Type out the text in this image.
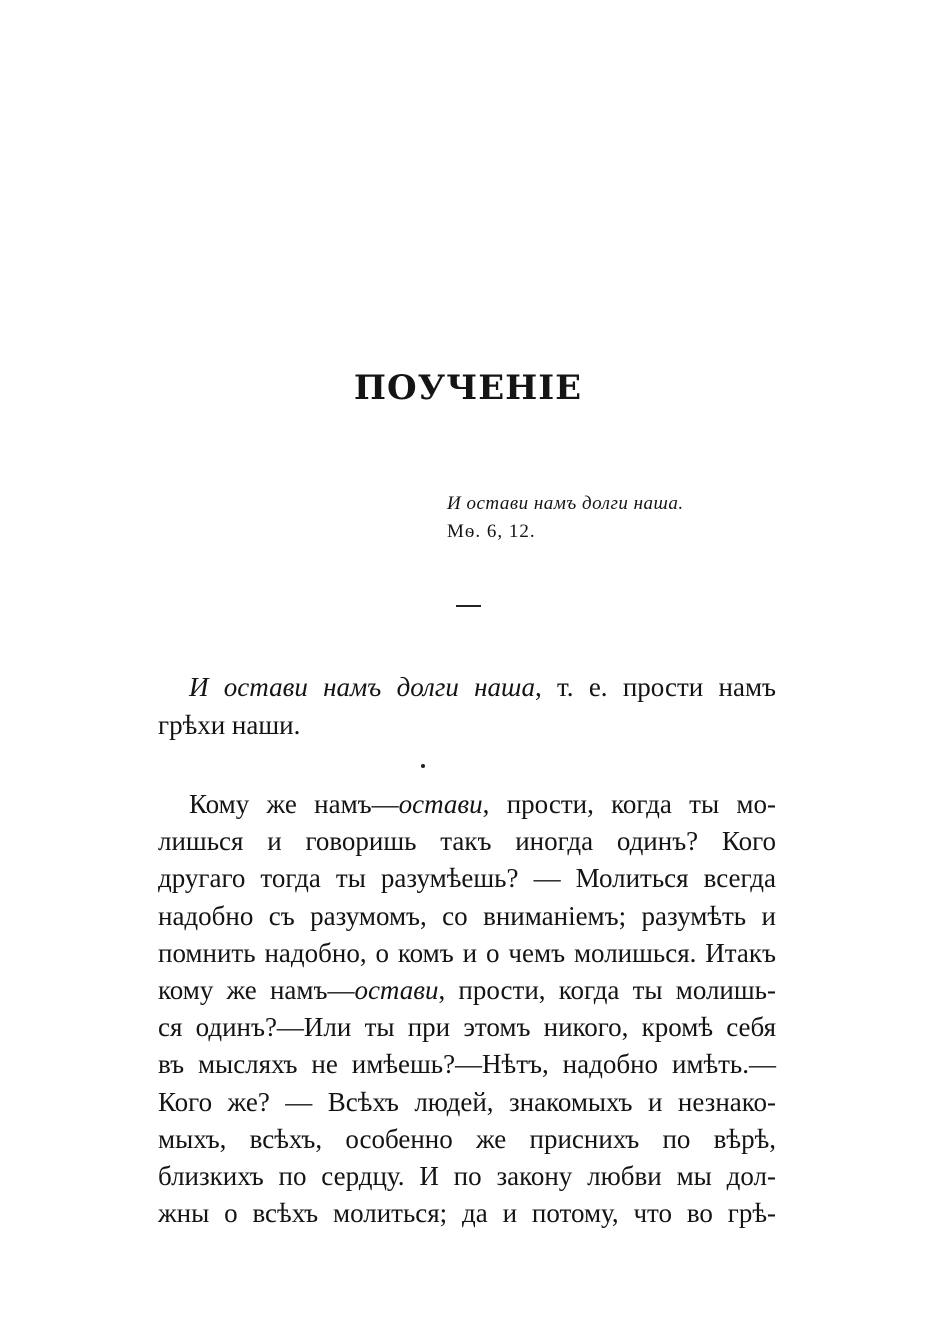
ПОУЧЕНІЕ
И остави намъ долги наша.
Мѳ. 6, 12.

И остави намъ долги наша, т. е. прости намъ
грѣхи наши.

Кому же намъ—остави, прости, когда ты мо-
лишься и говоришь такъ иногда одинъ? Кого
другаго тогда ты разумѣешь? — Молиться всегда
надобно съ разумомъ, со вниманіемъ; разумѣть и
помнить надобно, о комъ и о чемъ молишься. Итакъ
кому же намъ—остави, прости, когда ты молишь-
ся одинъ?—Или ты при этомъ никого, кромѣ себя
въ мысляхъ не имѣешь?—Нѣтъ, надобно имѣть.—
Кого же? — Всѣхъ людей, знакомыхъ и незнако-
мыхъ, всѣхъ, особенно же приснихъ по вѣрѣ,
близкихъ по сердцу. И по закону любви мы дол-
жны о всѣхъ молиться; да и потому, что во грѣ-
